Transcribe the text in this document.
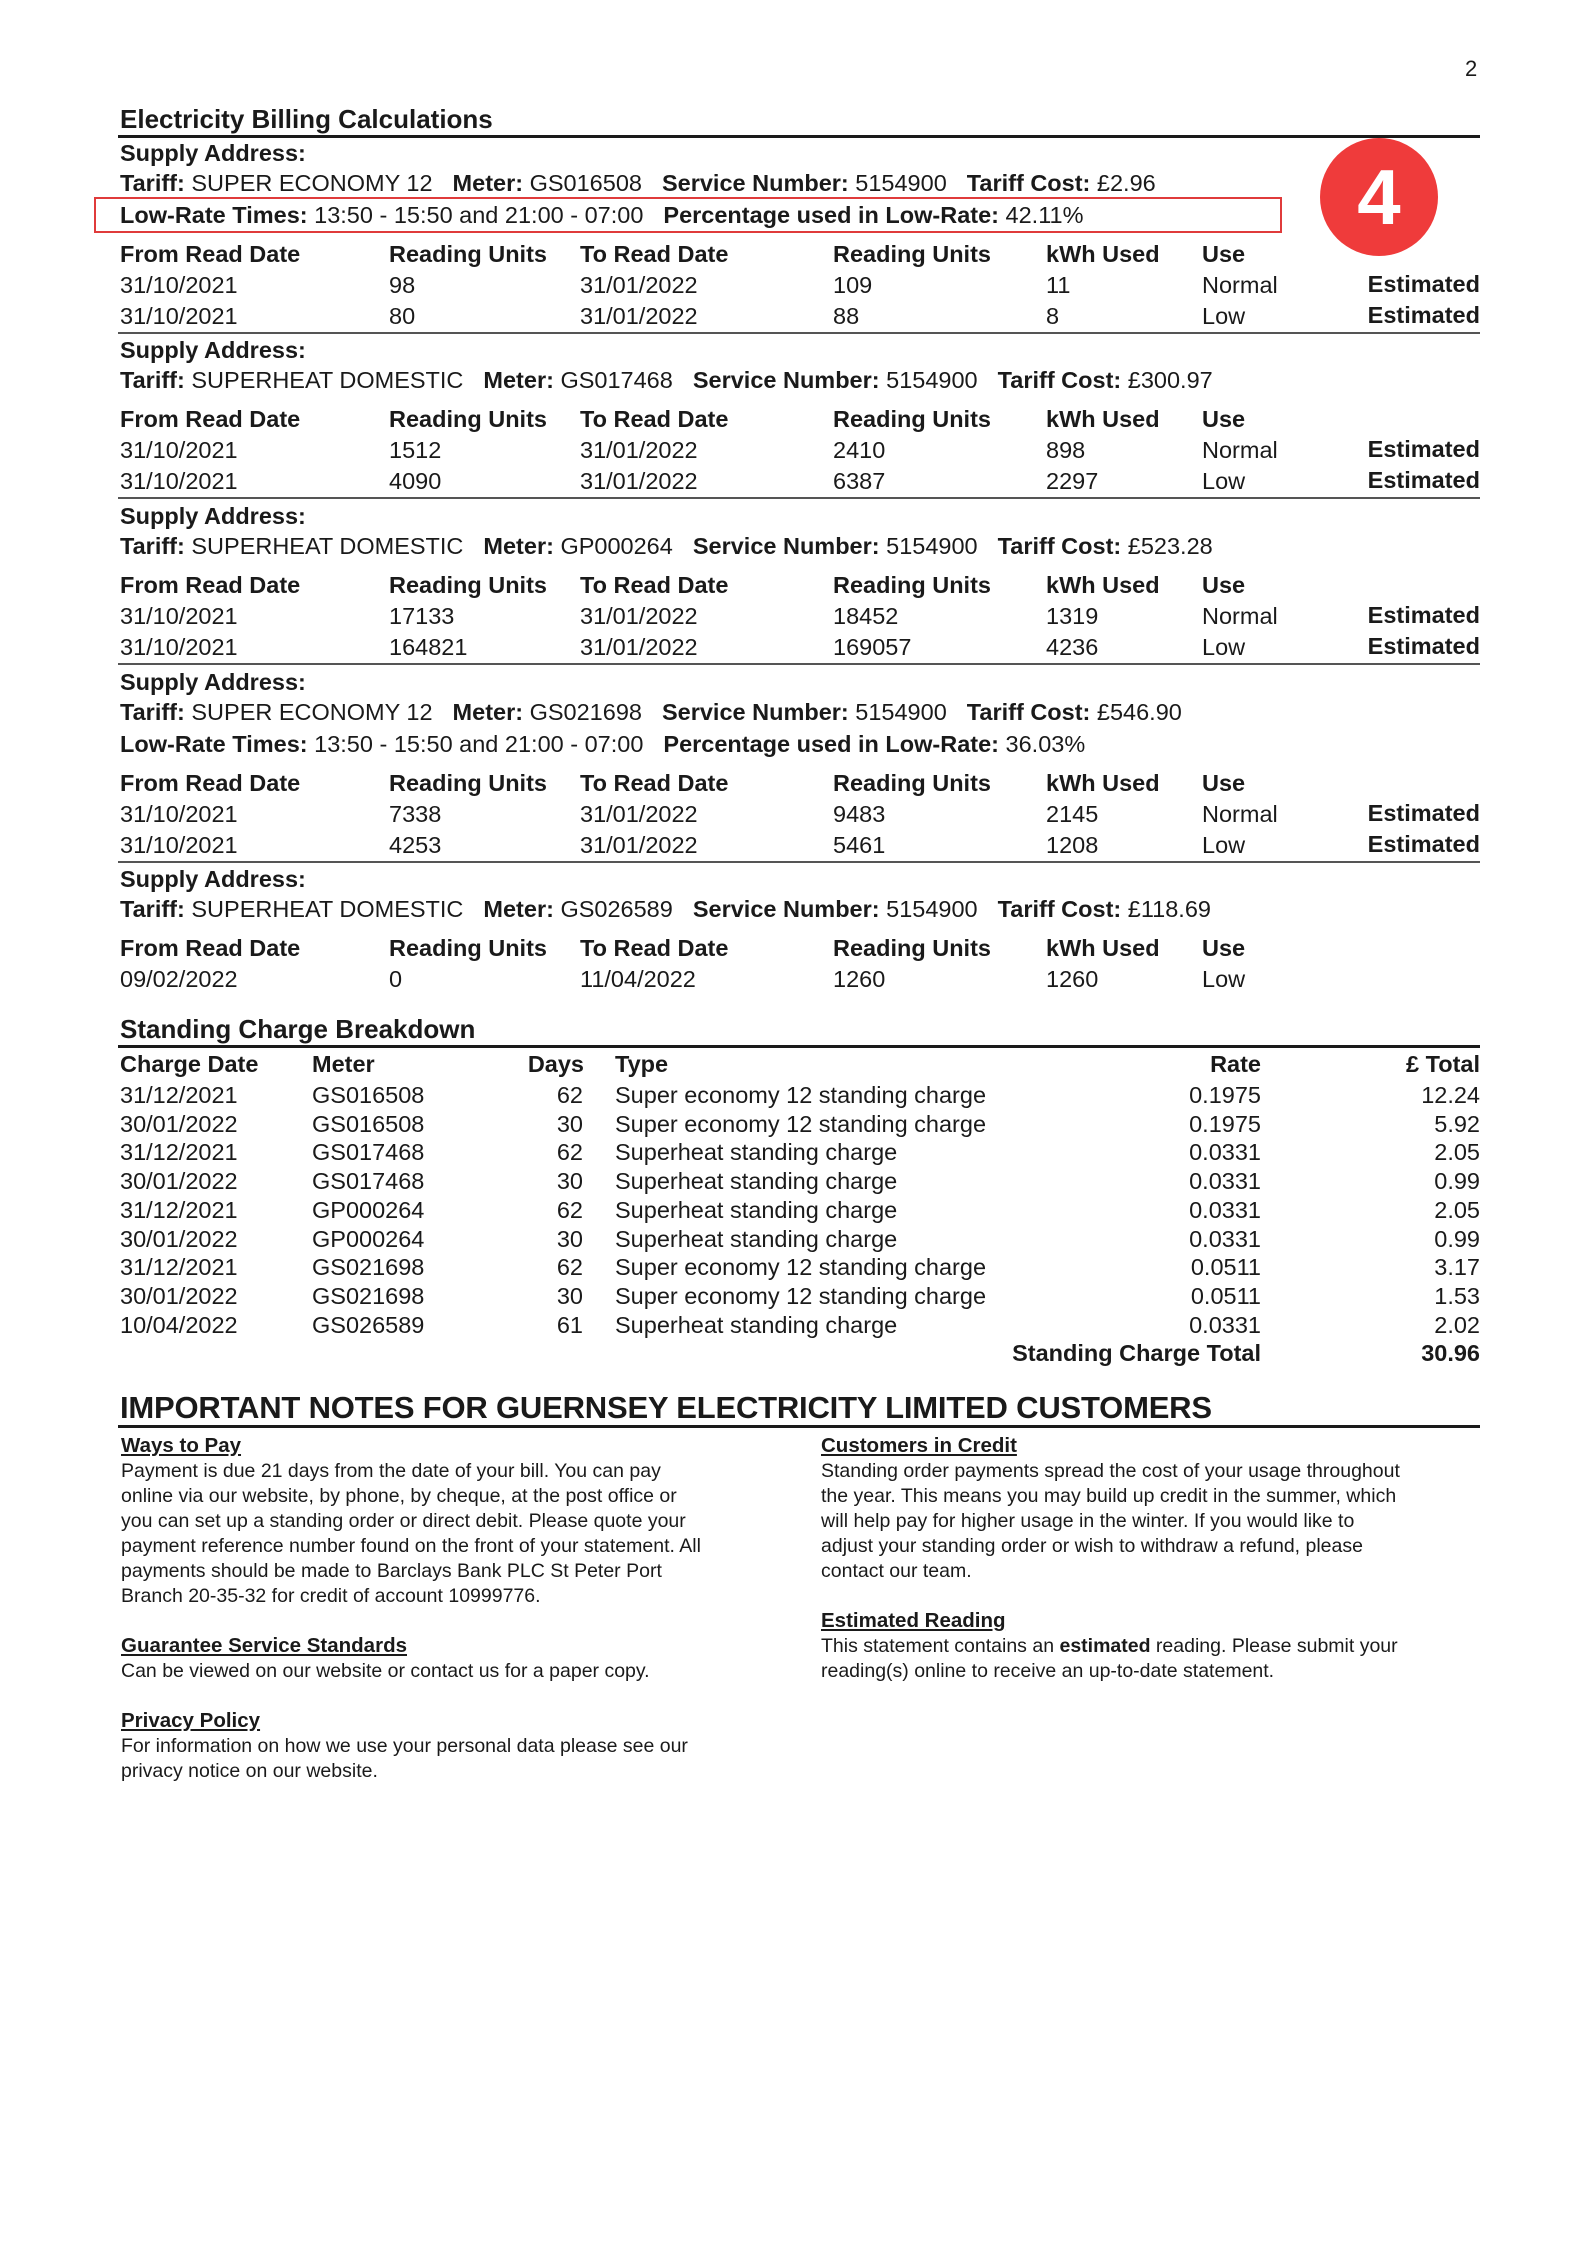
2
4
Electricity Billing Calculations
Supply Address:
Tariff: SUPER ECONOMY 12 Meter: GS016508 Service Number: 5154900 Tariff Cost: £2.96
Low-Rate Times: 13:50 - 15:50 and 21:00 - 07:00 Percentage used in Low-Rate: 42.11%
From Read Date	Reading Units To Read Date	Reading Units kWh Used Use
31/10/2021	98	31/01/2022	109	11	Normal	Estimated
31/10/2021	80	31/01/2022	88	8	Low	Estimated
Supply Address:
Tariff: SUPERHEAT DOMESTIC Meter: GS017468 Service Number: 5154900 Tariff Cost: £300.97
From Read Date	Reading Units To Read Date	Reading Units kWh Used Use
31/10/2021	1512	31/01/2022	2410	898	Normal	Estimated
31/10/2021	4090	31/01/2022	6387	2297	Low	Estimated
Supply Address:
Tariff: SUPERHEAT DOMESTIC Meter: GP000264 Service Number: 5154900 Tariff Cost: £523.28
From Read Date	Reading Units To Read Date	Reading Units kWh Used Use
31/10/2021	17133	31/01/2022	18452	1319	Normal	Estimated
31/10/2021	164821	31/01/2022	169057	4236	Low	Estimated
Supply Address:
Tariff: SUPER ECONOMY 12 Meter: GS021698 Service Number: 5154900 Tariff Cost: £546.90
Low-Rate Times: 13:50 - 15:50 and 21:00 - 07:00 Percentage used in Low-Rate: 36.03%
From Read Date	Reading Units To Read Date	Reading Units kWh Used Use
31/10/2021	7338	31/01/2022	9483	2145	Normal	Estimated
31/10/2021	4253	31/01/2022	5461	1208	Low	Estimated
Supply Address:
Tariff: SUPERHEAT DOMESTIC Meter: GS026589 Service Number: 5154900 Tariff Cost: £118.69
From Read Date	Reading Units To Read Date	Reading Units kWh Used Use
09/02/2022	0	11/04/2022	1260	1260	Low
Standing Charge Breakdown
Charge Date Meter	Days Type	Rate	£ Total
31/12/2021	GS016508	62 Super economy 12 standing charge	0.1975	12.24
30/01/2022	GS016508	30 Super economy 12 standing charge	0.1975	5.92
31/12/2021	GS017468	62 Superheat standing charge	0.0331	2.05
30/01/2022	GS017468	30 Superheat standing charge	0.0331	0.99
31/12/2021	GP000264	62 Superheat standing charge	0.0331	2.05
30/01/2022	GP000264	30 Superheat standing charge	0.0331	0.99
31/12/2021	GS021698	62 Super economy 12 standing charge	0.0511	3.17
30/01/2022	GS021698	30 Super economy 12 standing charge	0.0511	1.53
10/04/2022	GS026589	61 Superheat standing charge	0.0331	2.02
Standing Charge Total	30.96
IMPORTANT NOTES FOR GUERNSEY ELECTRICITY LIMITED CUSTOMERS
Ways to Pay
Payment is due 21 days from the date of your bill. You can pay
online via our website, by phone, by cheque, at the post office or
you can set up a standing order or direct debit. Please quote your
payment reference number found on the front of your statement. All
payments should be made to Barclays Bank PLC St Peter Port
Branch 20-35-32 for credit of account 10999776.
Guarantee Service Standards
Can be viewed on our website or contact us for a paper copy.
Privacy Policy
For information on how we use your personal data please see our
privacy notice on our website.
Customers in Credit
Standing order payments spread the cost of your usage throughout
the year. This means you may build up credit in the summer, which
will help pay for higher usage in the winter. If you would like to
adjust your standing order or wish to withdraw a refund, please
contact our team.
Estimated Reading
This statement contains an estimated reading. Please submit your
reading(s) online to receive an up-to-date statement.
